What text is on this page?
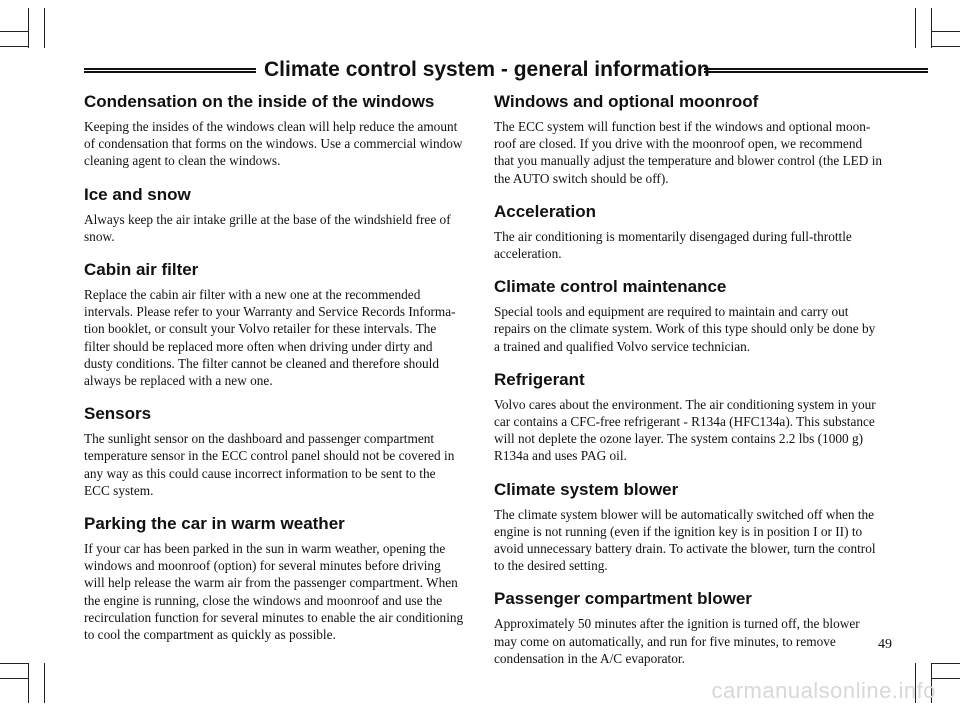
Climate control system - general information
Condensation on the inside of the windows

Keeping the insides of the windows clean will help reduce the amount of condensation that forms on the windows. Use a commercial window cleaning agent to clean the windows.

Ice and snow

Always keep the air intake grille at the base of the windshield free of snow.

Cabin air filter

Replace the cabin air filter with a new one at the recommended intervals. Please refer to your Warranty and Service Records Informa-tion booklet, or consult your Volvo retailer for these intervals. The filter should be replaced more often when driving under dirty and dusty conditions. The filter cannot be cleaned and therefore should always be replaced with a new one.

Sensors

The sunlight sensor on the dashboard and passenger compartment temperature sensor in the ECC control panel should not be covered in any way as this could cause incorrect information to be sent to the ECC system.

Parking the car in warm weather

If your car has been parked in the sun in warm weather, opening the windows and moonroof (option) for several minutes before driving will help release the warm air from the passenger compartment. When the engine is running, close the windows and moonroof and use the recirculation function for several minutes to enable the air conditioning to cool the compartment as quickly as possible.

Windows and optional moonroof

The ECC system will function best if the windows and optional moon-roof are closed. If you drive with the moonroof open, we recommend that you manually adjust the temperature and blower control (the LED in the AUTO switch should be off).

Acceleration

The air conditioning is momentarily disengaged during full-throttle acceleration.

Climate control maintenance

Special tools and equipment are required to maintain and carry out repairs on the climate system. Work of this type should only be done by a trained and qualified Volvo service technician.

Refrigerant

Volvo cares about the environment. The air conditioning system in your car contains a CFC-free refrigerant - R134a (HFC134a). This substance will not deplete the ozone layer. The system contains 2.2 lbs (1000 g) R134a and uses PAG oil.

Climate system blower

The climate system blower will be automatically switched off when the engine is not running (even if the ignition key is in position I or II) to avoid unnecessary battery drain. To activate the blower, turn the control to the desired setting.

Passenger compartment blower

Approximately 50 minutes after the ignition is turned off, the blower may come on automatically, and run for five minutes, to remove condensation in the A/C evaporator.

49
carmanualsonline.info
